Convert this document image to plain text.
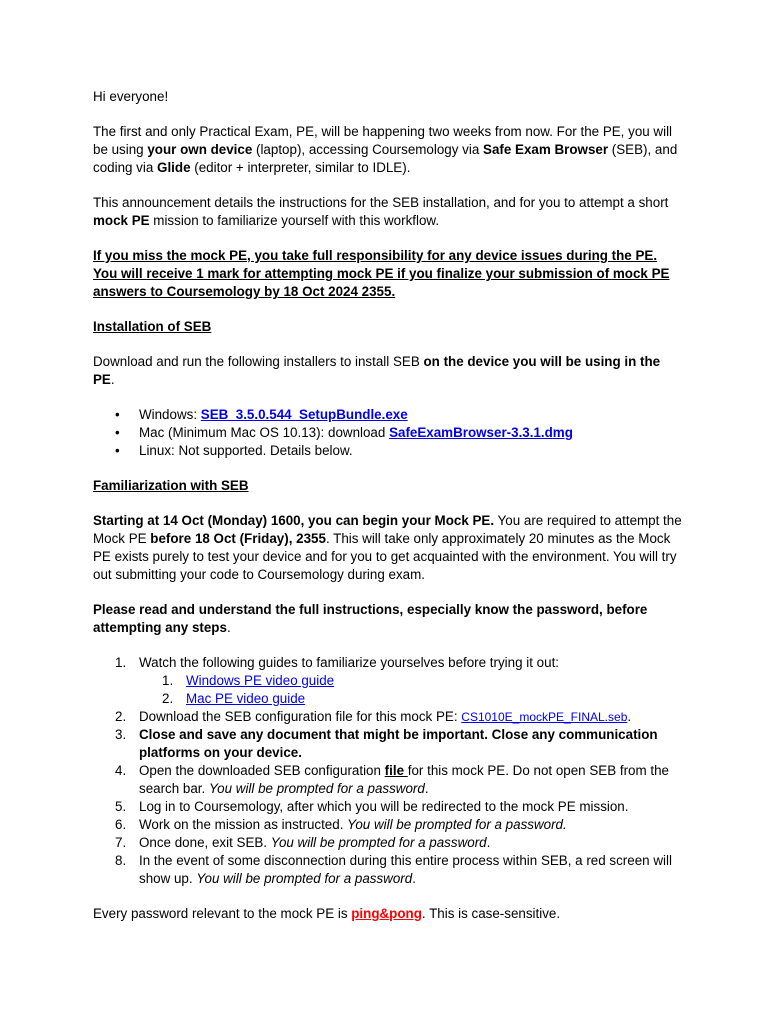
Hi everyone!

The first and only Practical Exam, PE, will be happening two weeks from now. For the PE, you will be using your own device (laptop), accessing Coursemology via Safe Exam Browser (SEB), and coding via Glide (editor + interpreter, similar to IDLE).

This announcement details the instructions for the SEB installation, and for you to attempt a short mock PE mission to familiarize yourself with this workflow.

If you miss the mock PE, you take full responsibility for any device issues during the PE. You will receive 1 mark for attempting mock PE if you finalize your submission of mock PE answers to Coursemology by 18 Oct 2024 2355.

Installation of SEB

Download and run the following installers to install SEB on the device you will be using in the PE.

• Windows: SEB_3.5.0.544_SetupBundle.exe
• Mac (Minimum Mac OS 10.13): download SafeExamBrowser-3.3.1.dmg
• Linux: Not supported. Details below.

Familiarization with SEB

Starting at 14 Oct (Monday) 1600, you can begin your Mock PE. You are required to attempt the Mock PE before 18 Oct (Friday), 2355. This will take only approximately 20 minutes as the Mock PE exists purely to test your device and for you to get acquainted with the environment. You will try out submitting your code to Coursemology during exam.

Please read and understand the full instructions, especially know the password, before attempting any steps.

1. Watch the following guides to familiarize yourselves before trying it out:
1. Windows PE video guide
2. Mac PE video guide
2. Download the SEB configuration file for this mock PE: CS1010E_mockPE_FINAL.seb.
3. Close and save any document that might be important. Close any communication platforms on your device.
4. Open the downloaded SEB configuration file for this mock PE. Do not open SEB from the search bar. You will be prompted for a password.
5. Log in to Coursemology, after which you will be redirected to the mock PE mission.
6. Work on the mission as instructed. You will be prompted for a password.
7. Once done, exit SEB. You will be prompted for a password.
8. In the event of some disconnection during this entire process within SEB, a red screen will show up. You will be prompted for a password.

Every password relevant to the mock PE is ping&pong. This is case-sensitive.
